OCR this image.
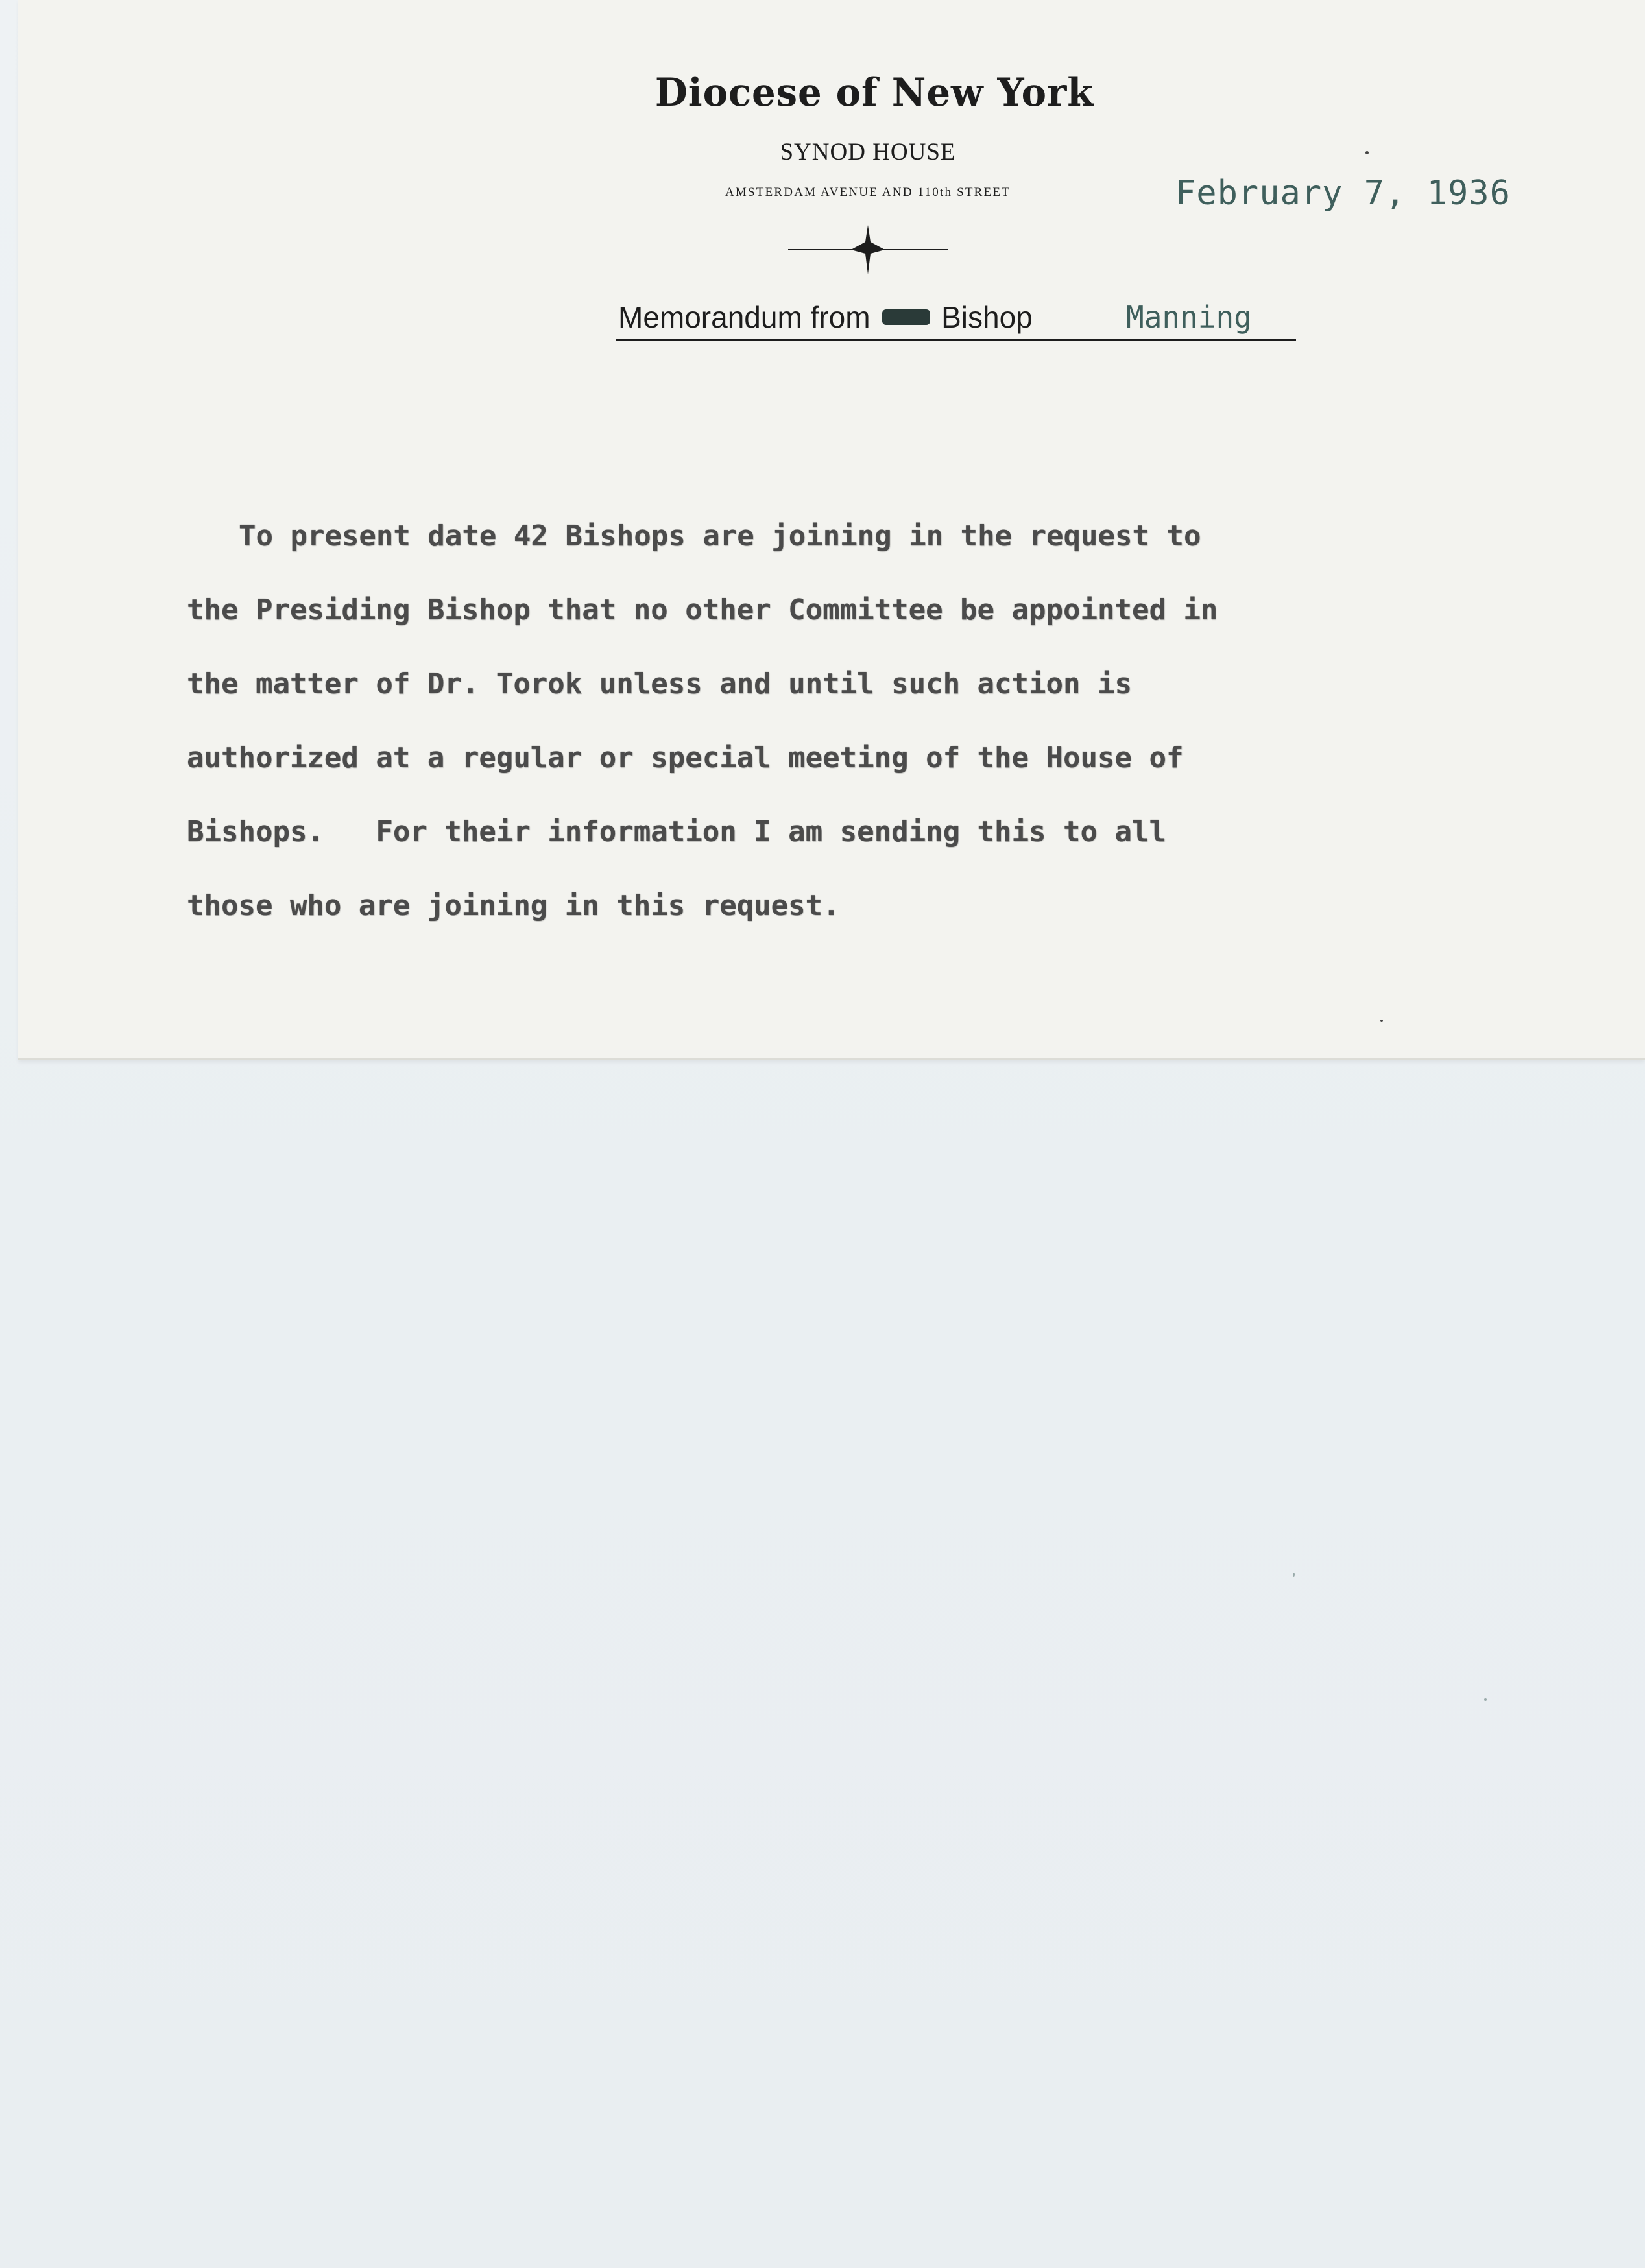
Diocese of New York
SYNOD HOUSE
AMSTERDAM AVENUE AND 110th STREET	February 7, 1936
Memorandum from Bishop	Manning
To present date 42 Bishops are joining in the request to
the Presiding Bishop that no other Committee be appointed in
the matter of Dr. Torok unless and until such action is
authorized at a regular or special meeting of the House of
Bishops.   For their information I am sending this to all
those who are joining in this request.
